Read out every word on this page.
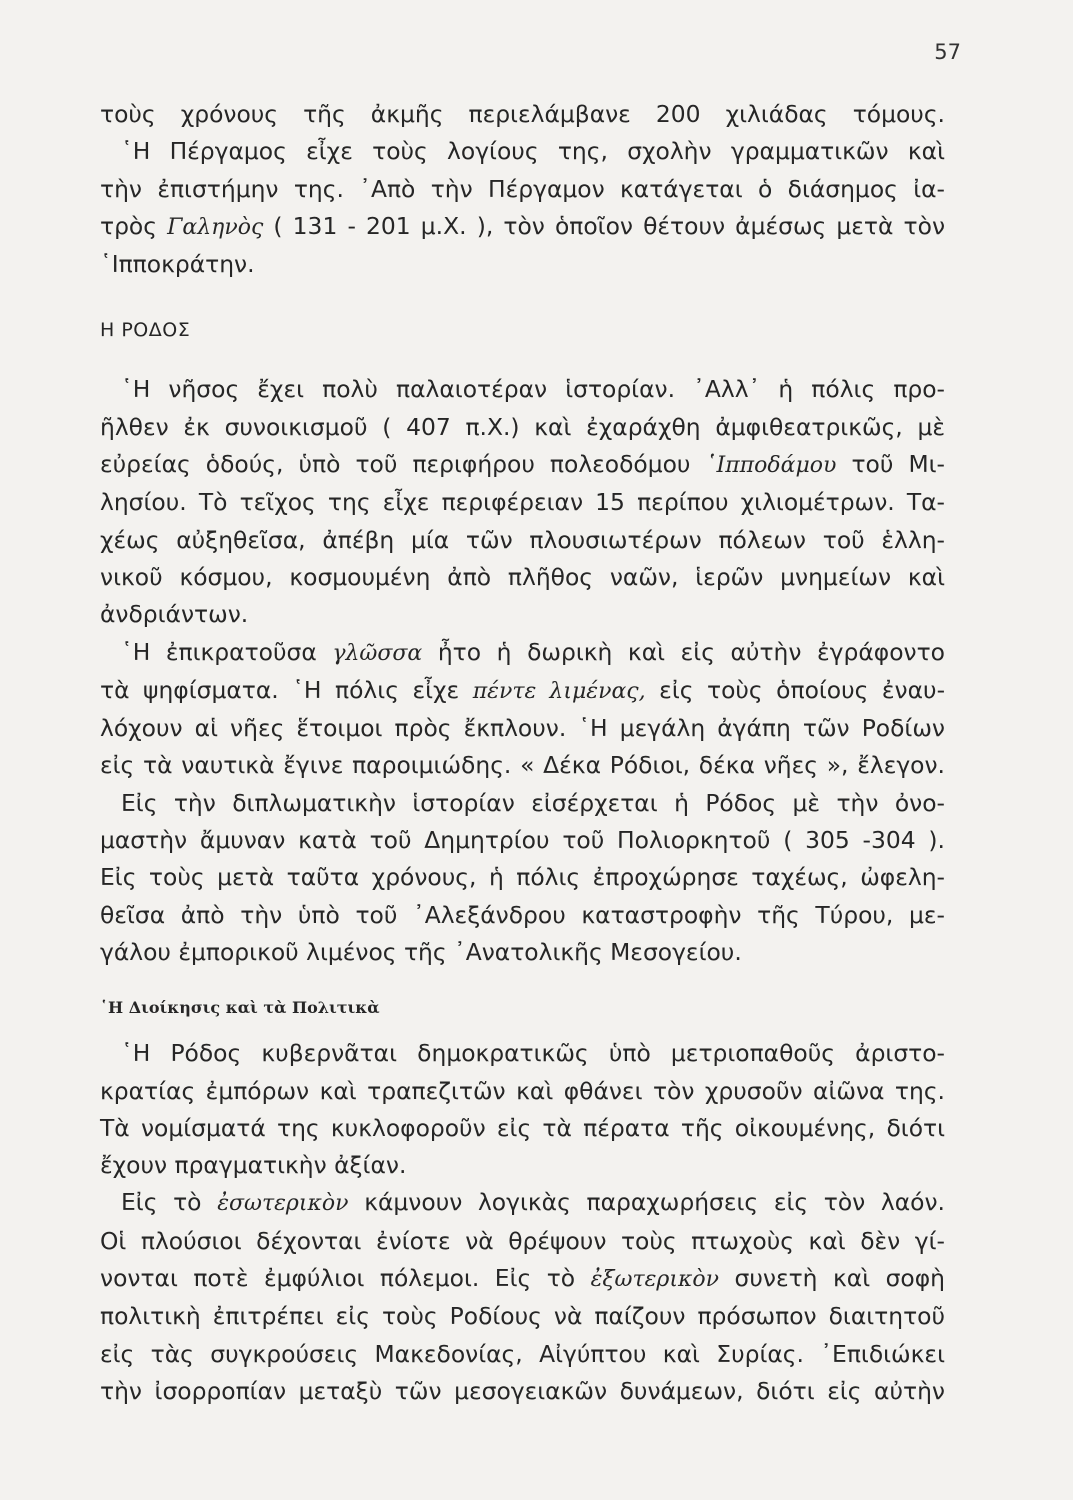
57
τοὺς χρόνους τῆς ἀκμῆς περιελάμβανε 200 χιλιάδας τόμους.
῾Η Πέργαμος εἶχε τοὺς λογίους της, σχολὴν γραμματικῶν καὶ
τὴν ἐπιστήμην της. ᾿Απὸ τὴν Πέργαμον κατάγεται ὁ διάσημος ἰα-
τρὸς Γαληνὸς ( 131 - 201 μ.Χ. ), τὸν ὁποῖον θέτουν ἀμέσως μετὰ τὸν
῾Ιπποκράτην.
Η ΡΟΔΟΣ
῾Η νῆσος ἔχει πολὺ παλαιοτέραν ἱστορίαν. ᾿Αλλ᾿ ἡ πόλις προ-
ῆλθεν ἐκ συνοικισμοῦ ( 407 π.Χ.) καὶ ἐχαράχθη ἀμφιθεατρικῶς, μὲ
εὐρείας ὁδούς, ὑπὸ τοῦ περιφήρου πολεοδόμου ῾Ιπποδάμου τοῦ Μι-
λησίου. Τὸ τεῖχος της εἶχε περιφέρειαν 15 περίπου χιλιομέτρων. Τα-
χέως αὐξηθεῖσα, ἀπέβη μία τῶν πλουσιωτέρων πόλεων τοῦ ἑλλη-
νικοῦ κόσμου, κοσμουμένη ἀπὸ πλῆθος ναῶν, ἱερῶν μνημείων καὶ
ἀνδριάντων.
῾Η ἐπικρατοῦσα γλῶσσα ἦτο ἡ δωρικὴ καὶ εἰς αὐτὴν ἐγράφοντο
τὰ ψηφίσματα. ῾Η πόλις εἶχε πέντε λιμένας, εἰς τοὺς ὁποίους ἐναυ-
λόχουν αἱ νῆες ἕτοιμοι πρὸς ἔκπλουν. ῾Η μεγάλη ἀγάπη τῶν Ροδίων
εἰς τὰ ναυτικὰ ἔγινε παροιμιώδης. « Δέκα Ρόδιοι, δέκα νῆες », ἔλεγον.
Εἰς τὴν διπλωματικὴν ἱστορίαν εἰσέρχεται ἡ Ρόδος μὲ τὴν ὀνο-
μαστὴν ἄμυναν κατὰ τοῦ Δημητρίου τοῦ Πολιορκητοῦ ( 305 -304 ).
Εἰς τοὺς μετὰ ταῦτα χρόνους, ἡ πόλις ἐπροχώρησε ταχέως, ὠφελη-
θεῖσα ἀπὸ τὴν ὑπὸ τοῦ ᾿Αλεξάνδρου καταστροφὴν τῆς Τύρου, με-
γάλου ἐμπορικοῦ λιμένος τῆς ᾿Ανατολικῆς Μεσογείου.
῾Η Διοίκησις καὶ τὰ Πολιτικὰ
῾Η Ρόδος κυβερνᾶται δημοκρατικῶς ὑπὸ μετριοπαθοῦς ἀριστο-
κρατίας ἐμπόρων καὶ τραπεζιτῶν καὶ φθάνει τὸν χρυσοῦν αἰῶνα της.
Τὰ νομίσματά της κυκλοφοροῦν εἰς τὰ πέρατα τῆς οἰκουμένης, διότι
ἔχουν πραγματικὴν ἀξίαν.
Εἰς τὸ ἐσωτερικὸν κάμνουν λογικὰς παραχωρήσεις εἰς τὸν λαόν.
Οἱ πλούσιοι δέχονται ἐνίοτε νὰ θρέψουν τοὺς πτωχοὺς καὶ δὲν γί-
νονται ποτὲ ἐμφύλιοι πόλεμοι. Εἰς τὸ ἐξωτερικὸν συνετὴ καὶ σοφὴ
πολιτικὴ ἐπιτρέπει εἰς τοὺς Ροδίους νὰ παίζουν πρόσωπον διαιτητοῦ
εἰς τὰς συγκρούσεις Μακεδονίας, Αἰγύπτου καὶ Συρίας. ᾿Επιδιώκει
τὴν ἰσορροπίαν μεταξὺ τῶν μεσογειακῶν δυνάμεων, διότι εἰς αὐτὴν
